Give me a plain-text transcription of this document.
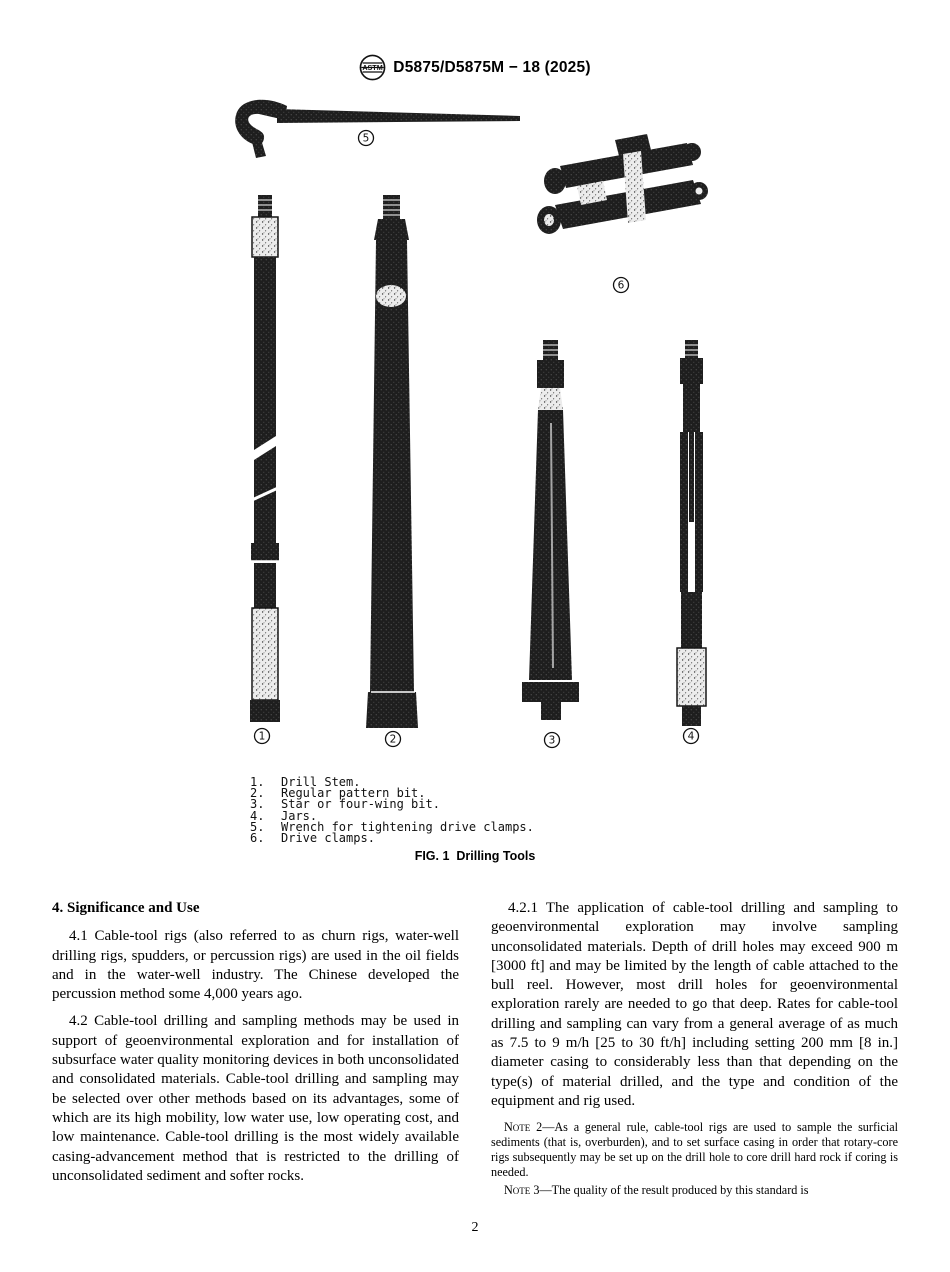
ASTM D5875/D5875M − 18 (2025)
5
6
1	2	3	4
1.	Drill Stem.
2.	Regular pattern bit.
3.	Star or four-wing bit.
4.	Jars.
5.	Wrench for tightening drive clamps.
6.	Drive clamps.
FIG. 1  Drilling Tools
4. Significance and Use

4.1 Cable-tool rigs (also referred to as churn rigs, water-well drilling rigs, spudders, or percussion rigs) are used in the oil fields and in the water-well industry. The Chinese developed the percussion method some 4,000 years ago.

4.2 Cable-tool drilling and sampling methods may be used in support of geoenvironmental exploration and for installation of subsurface water quality monitoring devices in both unconsolidated and consolidated materials. Cable-tool drilling and sampling may be selected over other methods based on its advantages, some of which are its high mobility, low water use, low operating cost, and low maintenance. Cable-tool drilling is the most widely available casing-advancement method that is restricted to the drilling of unconsolidated sediment and softer rocks.

4.2.1 The application of cable-tool drilling and sampling to geoenvironmental exploration may involve sampling unconsolidated materials. Depth of drill holes may exceed 900 m [3000 ft] and may be limited by the length of cable attached to the bull reel. However, most drill holes for geoenvironmental exploration rarely are needed to go that deep. Rates for cable-tool drilling and sampling can vary from a general average of as much as 7.5 to 9 m/h [25 to 30 ft/h] including setting 200 mm [8 in.] diameter casing to considerably less than that depending on the type(s) of material drilled, and the type and condition of the equipment and rig used.

Note 2—As a general rule, cable-tool rigs are used to sample the surficial sediments (that is, overburden), and to set surface casing in order that rotary-core rigs subsequently may be set up on the drill hole to core drill hard rock if coring is needed.

Note 3—The quality of the result produced by this standard is

2
